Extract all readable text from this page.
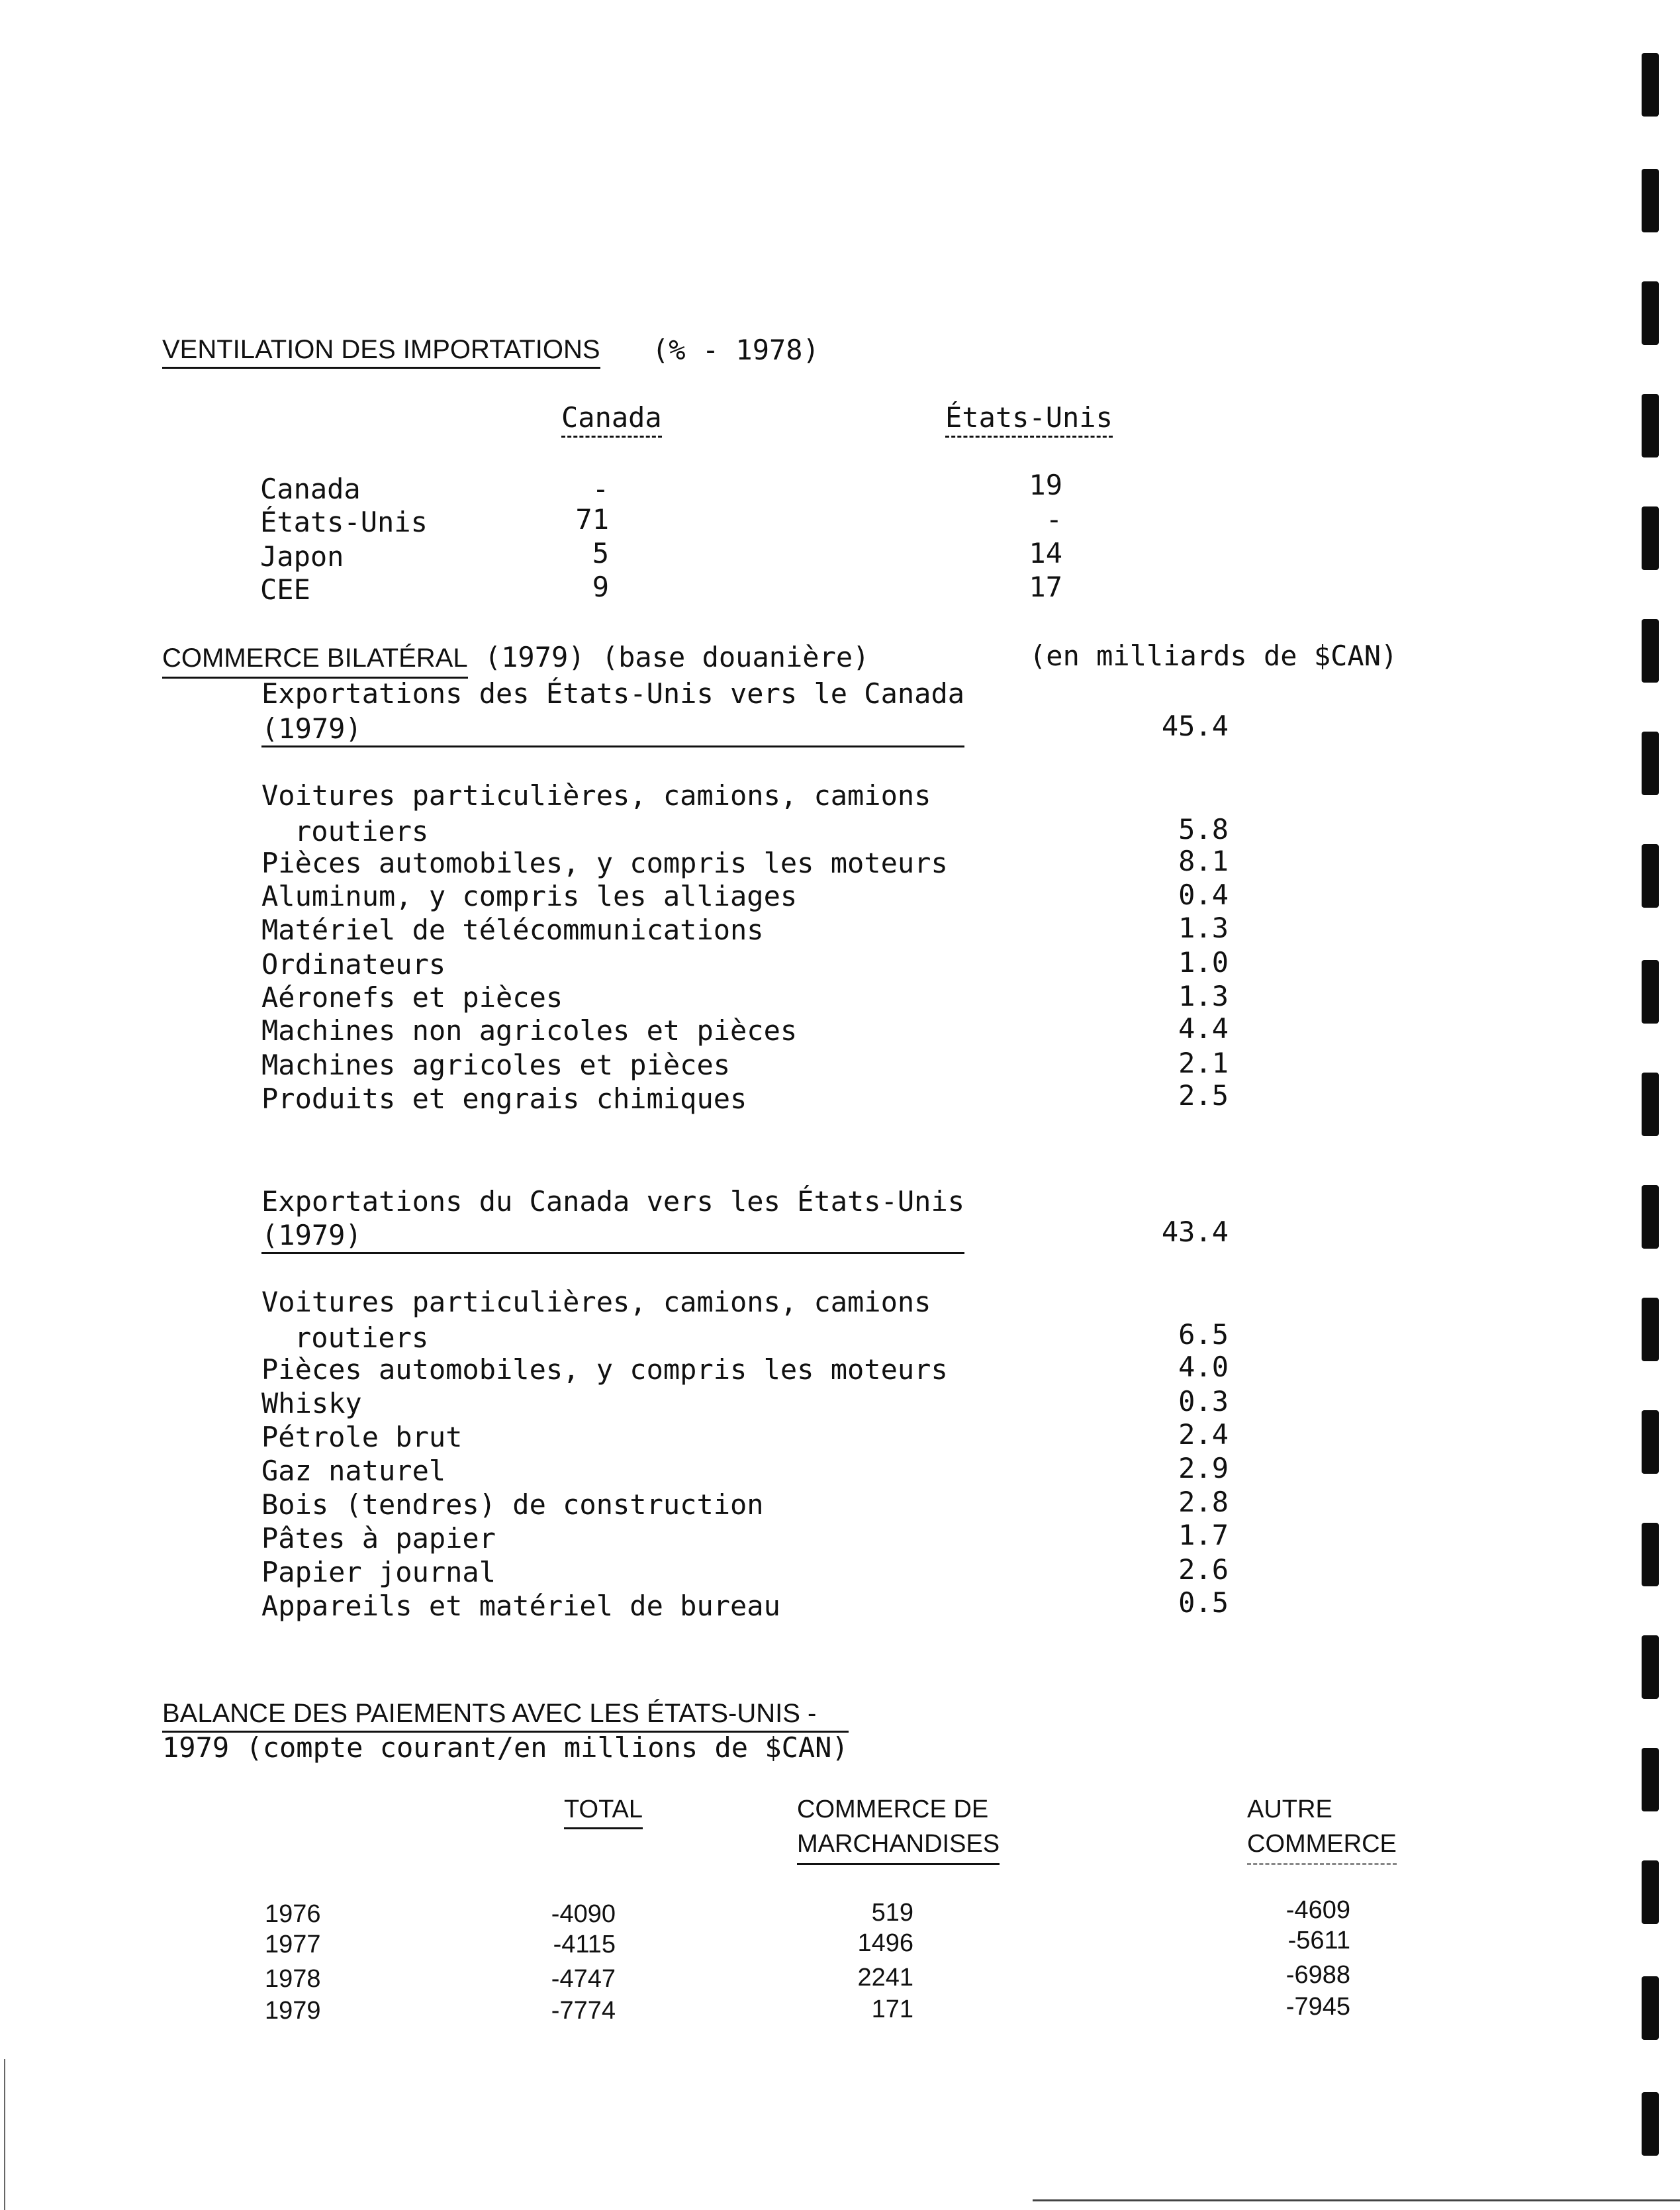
VENTILATION DES IMPORTATIONS (% - 1978)
Canada	États-Unis
Canada	-	19
États-Unis	71	-
Japon	5	14
CEE	9	17
COMMERCE BILATÉRAL (1979) (base douanière)	(en milliards de $CAN)
Exportations des États-Unis vers le Canada
(1979)	45.4
Voitures particulières, camions, camions
routiers	5.8
Pièces automobiles, y compris les moteurs	8.1
Aluminum, y compris les alliages	0.4
Matériel de télécommunications	1.3
Ordinateurs	1.0
Aéronefs et pièces	1.3
Machines non agricoles et pièces	4.4
Machines agricoles et pièces	2.1
Produits et engrais chimiques	2.5
Exportations du Canada vers les États-Unis
(1979)	43.4
Voitures particulières, camions, camions
routiers	6.5
Pièces automobiles, y compris les moteurs	4.0
Whisky	0.3
Pétrole brut	2.4
Gaz naturel	2.9
Bois (tendres) de construction	2.8
Pâtes à papier	1.7
Papier journal	2.6
Appareils et matériel de bureau	0.5
BALANCE DES PAIEMENTS AVEC LES ÉTATS-UNIS -
1979 (compte courant/en millions de $CAN)
TOTAL	COMMERCE DE
MARCHANDISES
AUTRE
COMMERCE
1976	-4090	519	-4609
1977	-4115	1496	-5611
1978	-4747	2241	-6988
1979	-7774	171	-7945
